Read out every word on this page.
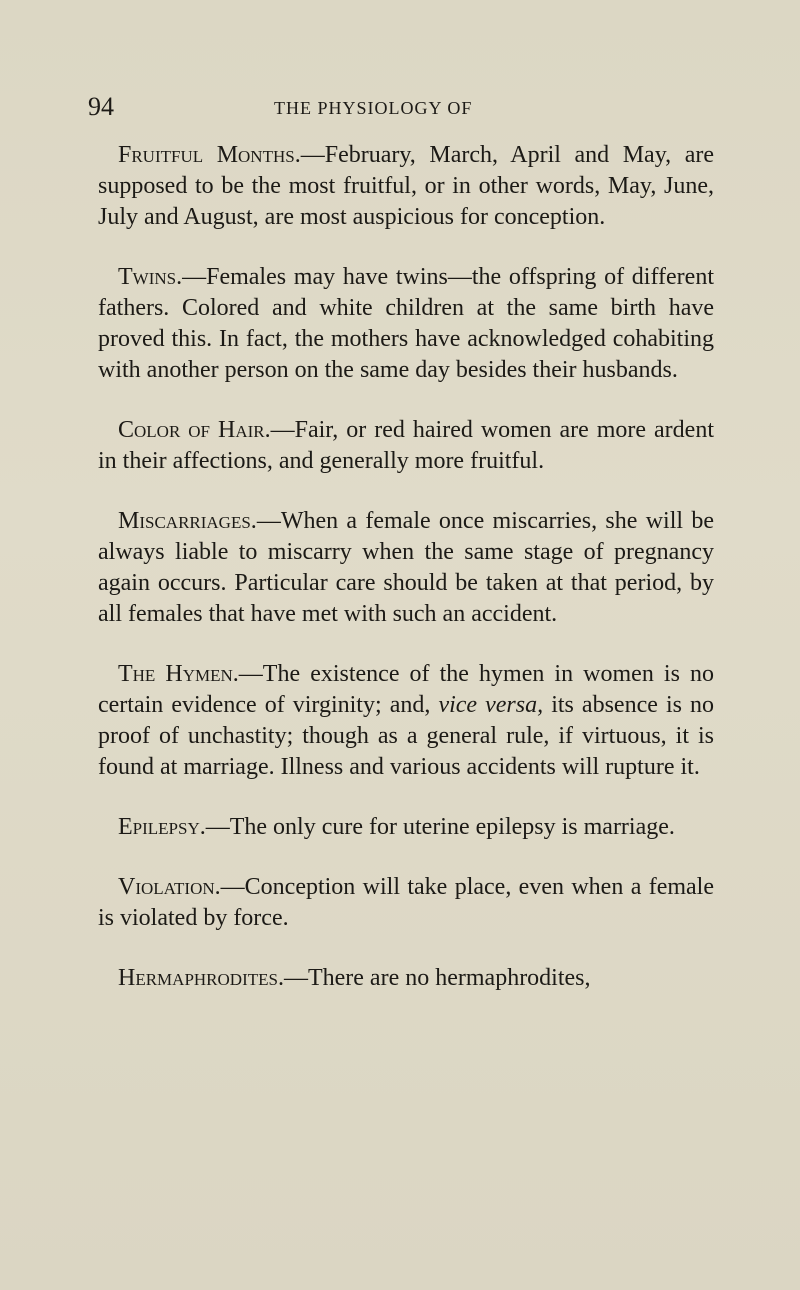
94	THE PHYSIOLOGY OF

Fruitful Months.—February, March, April and May, are supposed to be the most fruitful, or in other words, May, June, July and August, are most auspicious for conception.

Twins.—Females may have twins—the offspring of different fathers. Colored and white children at the same birth have proved this. In fact, the mothers have acknowledged cohabiting with another person on the same day besides their husbands.

Color of Hair.—Fair, or red haired women are more ardent in their affections, and generally more fruitful.

Miscarriages.—When a female once miscarries, she will be always liable to miscarry when the same stage of pregnancy again occurs. Particular care should be taken at that period, by all females that have met with such an accident.

The Hymen.—The existence of the hymen in women is no certain evidence of virginity; and, vice versa, its absence is no proof of unchastity; though as a general rule, if virtuous, it is found at marriage. Illness and various accidents will rupture it.

Epilepsy.—The only cure for uterine epilepsy is marriage.

Violation.—Conception will take place, even when a female is violated by force.

Hermaphrodites.—There are no hermaphrodites,
